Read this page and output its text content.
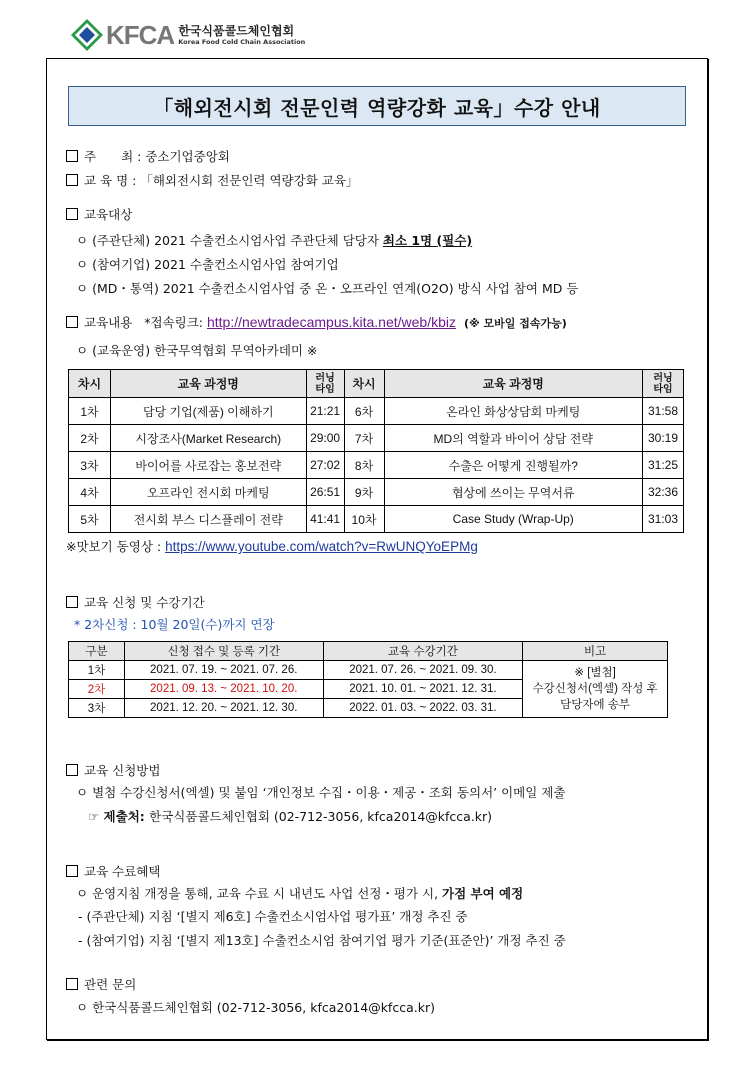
KFCA 한국식품콜드체인협회
Korea Food Cold Chain Association
「해외전시회 전문인력 역량강화 교육」수강 안내
주　　최 : 중소기업중앙회
교 육 명 : 「해외전시회 전문인력 역량강화 교육」
교육대상
ㅇ (주관단체) 2021 수출컨소시엄사업 주관단체 담당자 최소 1명 (필수)
ㅇ (참여기업) 2021 수출컨소시엄사업 참여기업
ㅇ (MD・통역) 2021 수출컨소시엄사업 중 온・오프라인 연계(O2O) 방식 사업 참여 MD 등
교육내용 *접속링크: http://newtradecampus.kita.net/web/kbiz (※ 모바일 접속가능)
ㅇ (교육운영) 한국무역협회 무역아카데미 ※
차시	교육 과정명	러닝
타임	차시	교육 과정명	러닝
타임
1차	담당 기업(제품) 이해하기	21:21	6차	온라인 화상상담회 마케팅	31:58
2차	시장조사(Market Research)	29:00	7차	MD의 역할과 바이어 상담 전략	30:19
3차	바이어를 사로잡는 홍보전략	27:02	8차	수출은 어떻게 진행될까?	31:25
4차	오프라인 전시회 마케팅	26:51	9차	협상에 쓰이는 무역서류	32:36
5차	전시회 부스 디스플레이 전략	41:41	10차	Case Study (Wrap-Up)	31:03
※맛보기 동영상 : https://www.youtube.com/watch?v=RwUNQYoEPMg
교육 신청 및 수강기간
* 2차신청 : 10월 20일(수)까지 연장
구분	신청 접수 및 등록 기간	교육 수강기간	비고
1차	2021. 07. 19. ~ 2021. 07. 26.	2021. 07. 26. ~ 2021. 09. 30.	※ [별첨]
수강신청서(엑셀) 작성 후
담당자에 송부

2차	2021. 09. 13. ~ 2021. 10. 20.	2021. 10. 01. ~ 2021. 12. 31.	
3차	2021. 12. 20. ~ 2021. 12. 30.	2022. 01. 03. ~ 2022. 03. 31.	
교육 신청방법
ㅇ 별첨 수강신청서(엑셀) 및 붙임 ‘개인정보 수집・이용・제공・조회 동의서’ 이메일 제출
☞ 제출처: 한국식품콜드체인협회 (02-712-3056, kfca2014@kfcca.kr)
교육 수료혜택
ㅇ 운영지침 개정을 통해, 교육 수료 시 내년도 사업 선정・평가 시, 가점 부여 예정
- (주관단체) 지침 ‘[별지 제6호] 수출컨소시엄사업 평가표’ 개정 추진 중
- (참여기업) 지침 ‘[별지 제13호] 수출컨소시엄 참여기업 평가 기준(표준안)’ 개정 추진 중
관련 문의
ㅇ 한국식품콜드체인협회 (02-712-3056, kfca2014@kfcca.kr)
